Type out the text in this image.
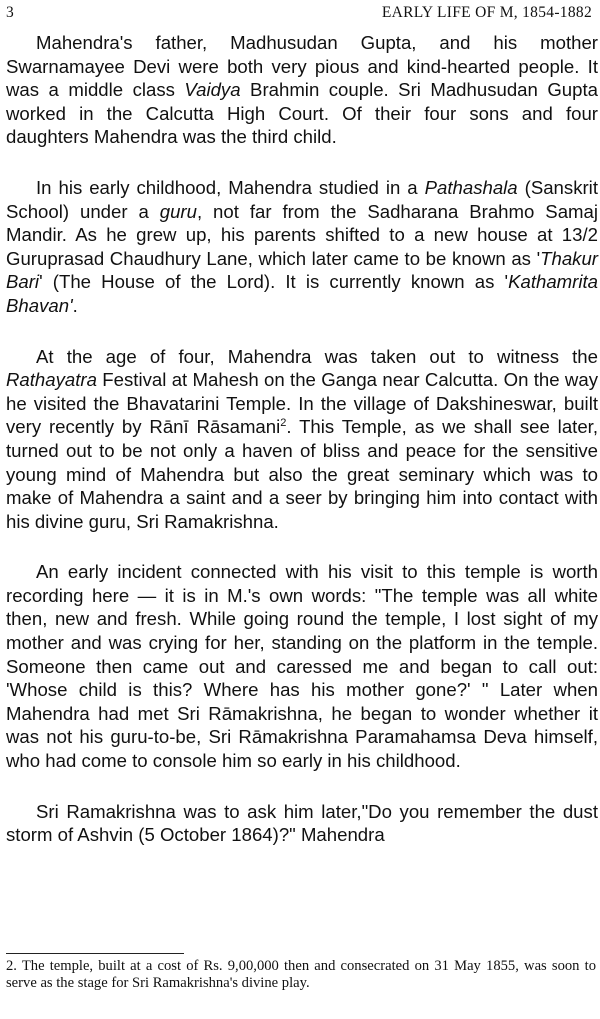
3	EARLY LIFE OF M, 1854-1882

Mahendra's father, Madhusudan Gupta, and his mother Swarnamayee Devi were both very pious and kind-hearted people. It was a middle class Vaidya Brahmin couple. Sri Madhusudan Gupta worked in the Calcutta High Court. Of their four sons and four daughters Mahendra was the third child.

In his early childhood, Mahendra studied in a Pathashala (Sanskrit School) under a guru, not far from the Sadharana Brahmo Samaj Mandir. As he grew up, his parents shifted to a new house at 13/2 Guruprasad Chaudhury Lane, which later came to be known as 'Thakur Bari' (The House of the Lord). It is currently known as 'Kathamrita Bhavan'.

At the age of four, Mahendra was taken out to witness the Rathayatra Festival at Mahesh on the Ganga near Calcutta. On the way he visited the Bhavatarini Temple. In the village of Dakshineswar, built very recently by Rānī Rāsamani$^2$. This Temple, as we shall see later, turned out to be not only a haven of bliss and peace for the sensitive young mind of Mahendra but also the great seminary which was to make of Mahendra a saint and a seer by bringing him into contact with his divine guru, Sri Ramakrishna.

An early incident connected with his visit to this temple is worth recording here — it is in M.'s own words: "The temple was all white then, new and fresh. While going round the temple, I lost sight of my mother and was crying for her, standing on the platform in the temple. Someone then came out and caressed me and began to call out: 'Whose child is this? Where has his mother gone?' " Later when Mahendra had met Sri Rāmakrishna, he began to wonder whether it was not his guru-to-be, Sri Rāmakrishna Paramahamsa Deva himself, who had come to console him so early in his childhood.

Sri Ramakrishna was to ask him later,"Do you remember the dust storm of Ashvin (5 October 1864)?" Mahendra

2. The temple, built at a cost of Rs. 9,00,000 then and consecrated on 31 May 1855, was soon to serve as the stage for Sri Ramakrishna's divine play.
